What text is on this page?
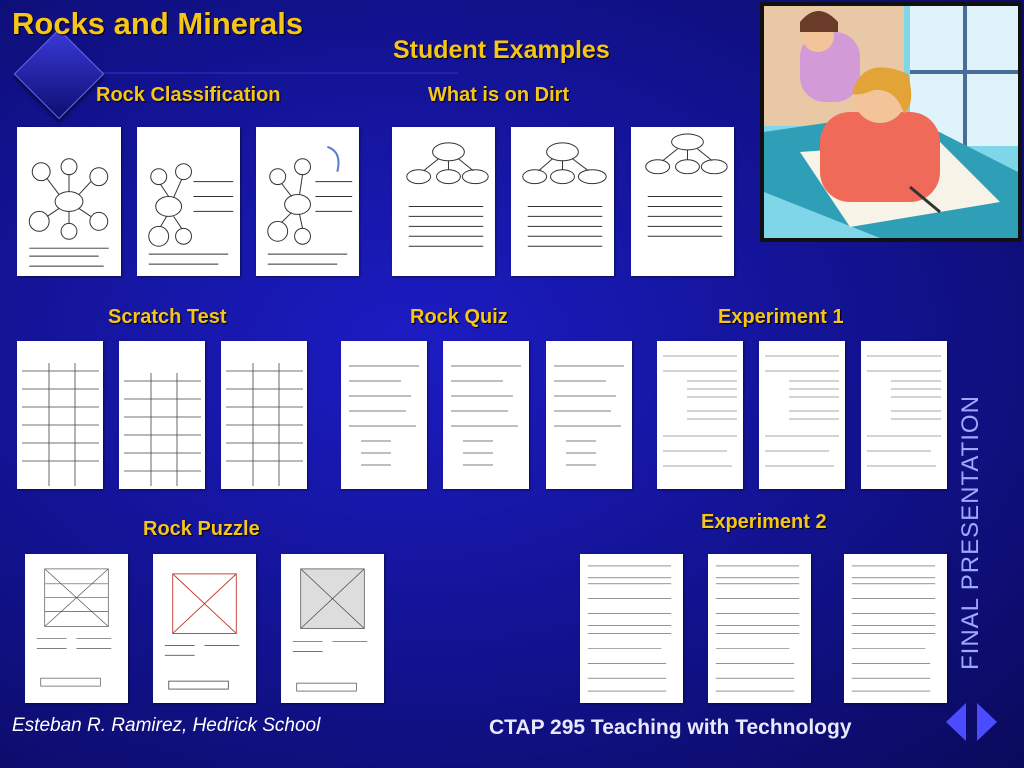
Rocks and Minerals
Student Examples
Rock Classification	What is on Dirt
Scratch Test	Rock Quiz	Experiment 1
Rock Puzzle	Experiment 2	FINAL PRESENTATION
Esteban R. Ramirez, Hedrick School	CTAP 295 Teaching with Technology
